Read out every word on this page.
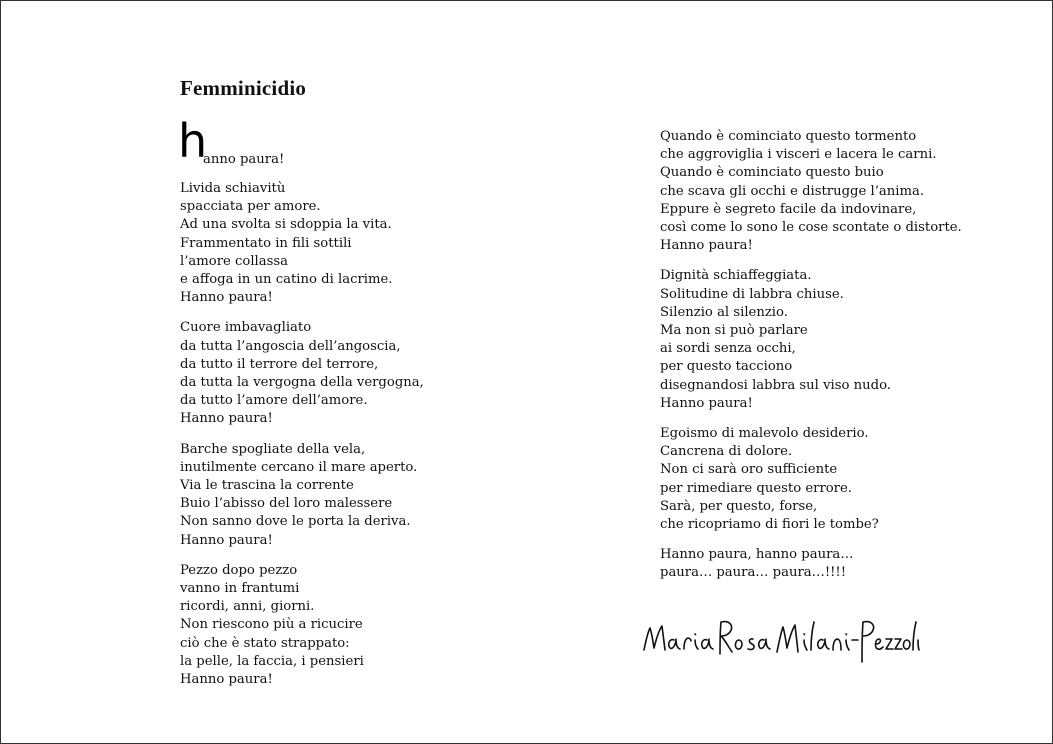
Femminicidio
h
anno paura!

Livida schiavitù
spacciata per amore.
Ad una svolta si sdoppia la vita.
Frammentato in fili sottili
l’amore collassa
e affoga in un catino di lacrime.
Hanno paura!

Cuore imbavagliato
da tutta l’angoscia dell’angoscia,
da tutto il terrore del terrore,
da tutta la vergogna della vergogna,
da tutto l’amore dell’amore.
Hanno paura!

Barche spogliate della vela,
inutilmente cercano il mare aperto.
Via le trascina la corrente
Buio l’abisso del loro malessere
Non sanno dove le porta la deriva.
Hanno paura!

Pezzo dopo pezzo
vanno in frantumi
ricordi, anni, giorni.
Non riescono più a ricucire
ciò che è stato strappato:
la pelle, la faccia, i pensieri
Hanno paura!

Quando è cominciato questo tormento
che aggroviglia i visceri e lacera le carni.
Quando è cominciato questo buio
che scava gli occhi e distrugge l’anima.
Eppure è segreto facile da indovinare,
così come lo sono le cose scontate o distorte.
Hanno paura!

Dignità schiaffeggiata.
Solitudine di labbra chiuse.
Silenzio al silenzio.
Ma non si può parlare
ai sordi senza occhi,
per questo tacciono
disegnandosi labbra sul viso nudo.
Hanno paura!

Egoismo di malevolo desiderio.
Cancrena di dolore.
Non ci sarà oro sufficiente
per rimediare questo errore.
Sarà, per questo, forse,
che ricopriamo di fiori le tombe?

Hanno paura, hanno paura…
paura… paura… paura…!!!!
